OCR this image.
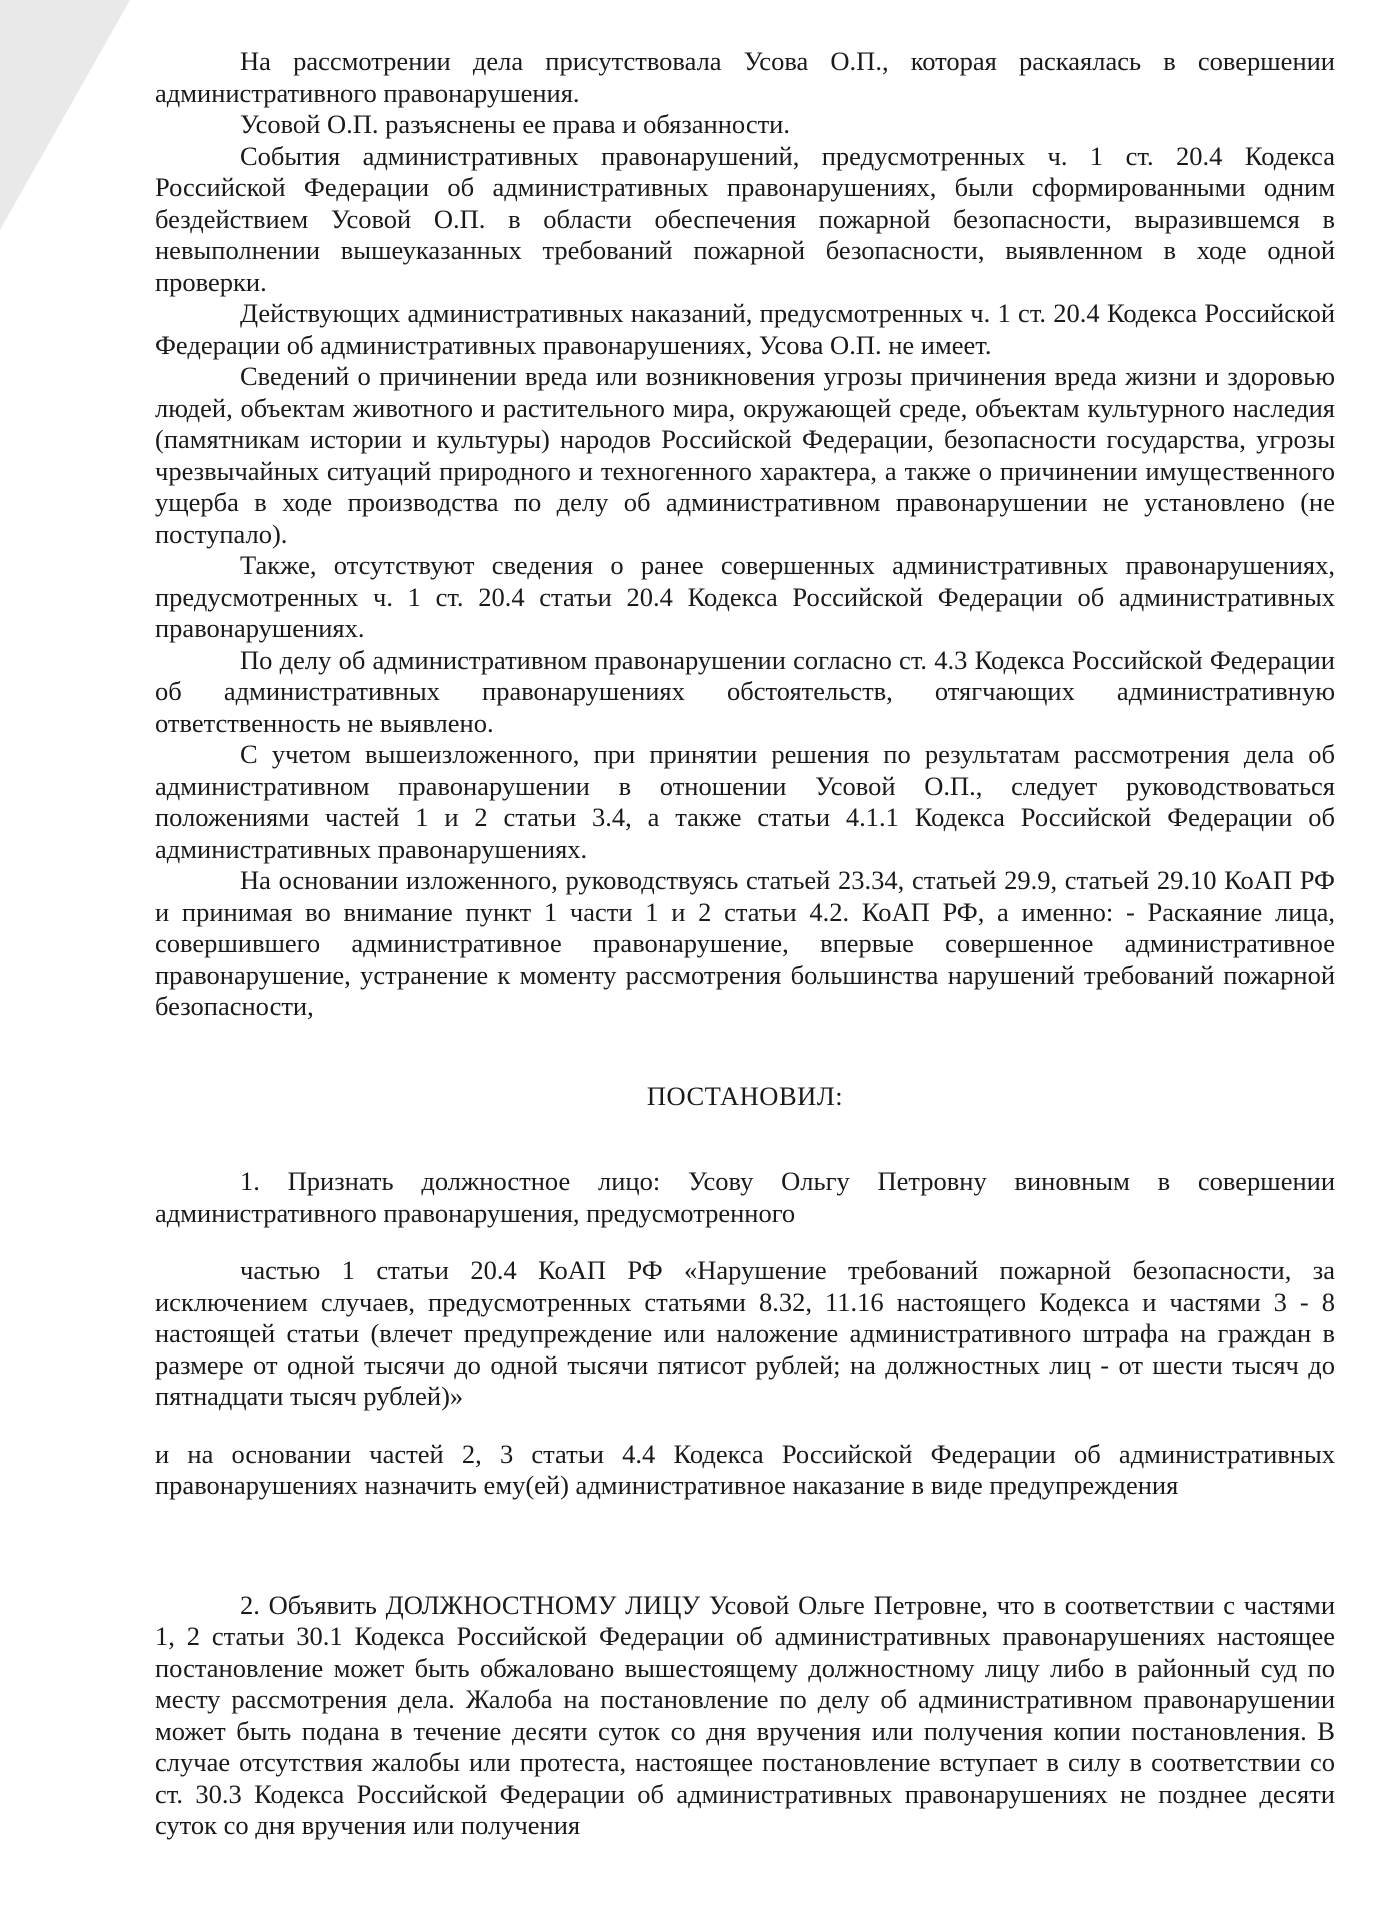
На рассмотрении дела присутствовала Усова О.П., которая раскаялась в совершении административного правонарушения.

Усовой О.П. разъяснены ее права и обязанности.

События административных правонарушений, предусмотренных ч. 1 ст. 20.4 Кодекса Российской Федерации об административных правонарушениях, были сформированными одним бездействием Усовой О.П. в области обеспечения пожарной безопасности, выразившемся в невыполнении вышеуказанных требований пожарной безопасности, выявленном в ходе одной проверки.

Действующих административных наказаний, предусмотренных ч. 1 ст. 20.4 Кодекса Российской Федерации об административных правонарушениях, Усова О.П. не имеет.

Сведений о причинении вреда или возникновения угрозы причинения вреда жизни и здоровью людей, объектам животного и растительного мира, окружающей среде, объектам культурного наследия (памятникам истории и культуры) народов Российской Федерации, безопасности государства, угрозы чрезвычайных ситуаций природного и техногенного характера, а также о причинении имущественного ущерба в ходе производства по делу об административном правонарушении не установлено (не поступало).

Также, отсутствуют сведения о ранее совершенных административных правонарушениях, предусмотренных ч. 1 ст. 20.4 статьи 20.4 Кодекса Российской Федерации об административных правонарушениях.

По делу об административном правонарушении согласно ст. 4.3 Кодекса Российской Федерации об административных правонарушениях обстоятельств, отягчающих административную ответственность не выявлено.

С учетом вышеизложенного, при принятии решения по результатам рассмотрения дела об административном правонарушении в отношении Усовой О.П., следует руководствоваться положениями частей 1 и 2 статьи 3.4, а также статьи 4.1.1 Кодекса Российской Федерации об административных правонарушениях.

На основании изложенного, руководствуясь статьей 23.34, статьей 29.9, статьей 29.10 КоАП РФ и принимая во внимание пункт 1 части 1 и 2 статьи 4.2. КоАП РФ, а именно: - Раскаяние лица, совершившего административное правонарушение, впервые совершенное административное правонарушение, устранение к моменту рассмотрения большинства нарушений требований пожарной безопасности,

ПОСТАНОВИЛ:

1. Признать должностное лицо: Усову Ольгу Петровну виновным в совершении административного правонарушения, предусмотренного

частью 1 статьи 20.4 КоАП РФ «Нарушение требований пожарной безопасности, за исключением случаев, предусмотренных статьями 8.32, 11.16 настоящего Кодекса и частями 3 - 8 настоящей статьи (влечет предупреждение или наложение административного штрафа на граждан в размере от одной тысячи до одной тысячи пятисот рублей; на должностных лиц - от шести тысяч до пятнадцати тысяч рублей)»

и на основании частей 2, 3 статьи 4.4 Кодекса Российской Федерации об административных правонарушениях назначить ему(ей) административное наказание в виде предупреждения

2. Объявить ДОЛЖНОСТНОМУ ЛИЦУ Усовой Ольге Петровне, что в соответствии с частями 1, 2 статьи 30.1 Кодекса Российской Федерации об административных правонарушениях настоящее постановление может быть обжаловано вышестоящему должностному лицу либо в районный суд по месту рассмотрения дела. Жалоба на постановление по делу об административном правонарушении может быть подана в течение десяти суток со дня вручения или получения копии постановления. В случае отсутствия жалобы или протеста, настоящее постановление вступает в силу в соответствии со ст. 30.3 Кодекса Российской Федерации об административных правонарушениях не позднее десяти суток со дня вручения или получения
